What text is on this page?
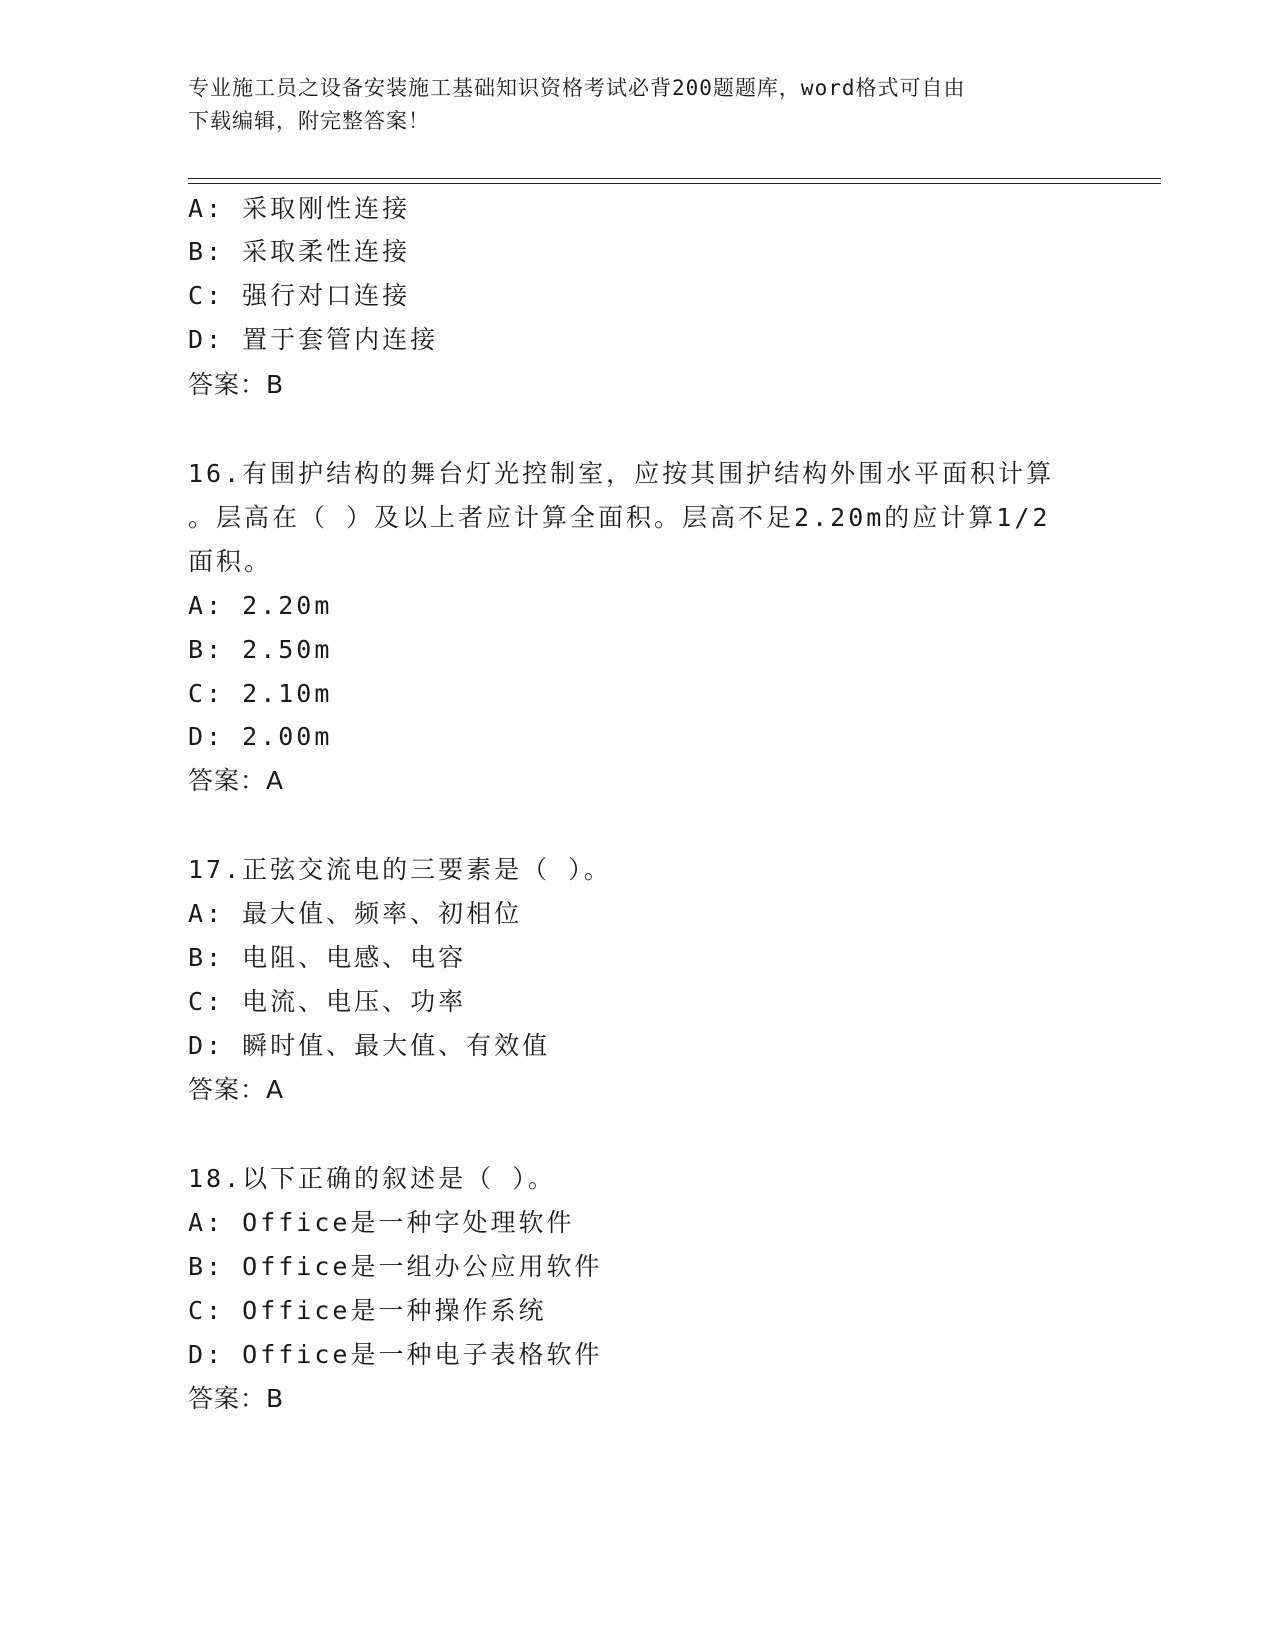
专业施工员之设备安装施工基础知识资格考试必背200题题库，word格式可自由
下载编辑，附完整答案！
A: 采取刚性连接
B: 采取柔性连接
C: 强行对口连接
D: 置于套管内连接
答案：B
16.有围护结构的舞台灯光控制室，应按其围护结构外围水平面积计算
。层高在（ ）及以上者应计算全面积。层高不足2.20m的应计算1/2
面积。
A: 2.20m
B: 2.50m
C: 2.10m
D: 2.00m
答案：A
17.正弦交流电的三要素是（ ）。
A: 最大值、频率、初相位
B: 电阻、电感、电容
C: 电流、电压、功率
D: 瞬时值、最大值、有效值
答案：A
18.以下正确的叙述是（ ）。
A: Office是一种字处理软件
B: Office是一组办公应用软件
C: Office是一种操作系统
D: Office是一种电子表格软件
答案：B
